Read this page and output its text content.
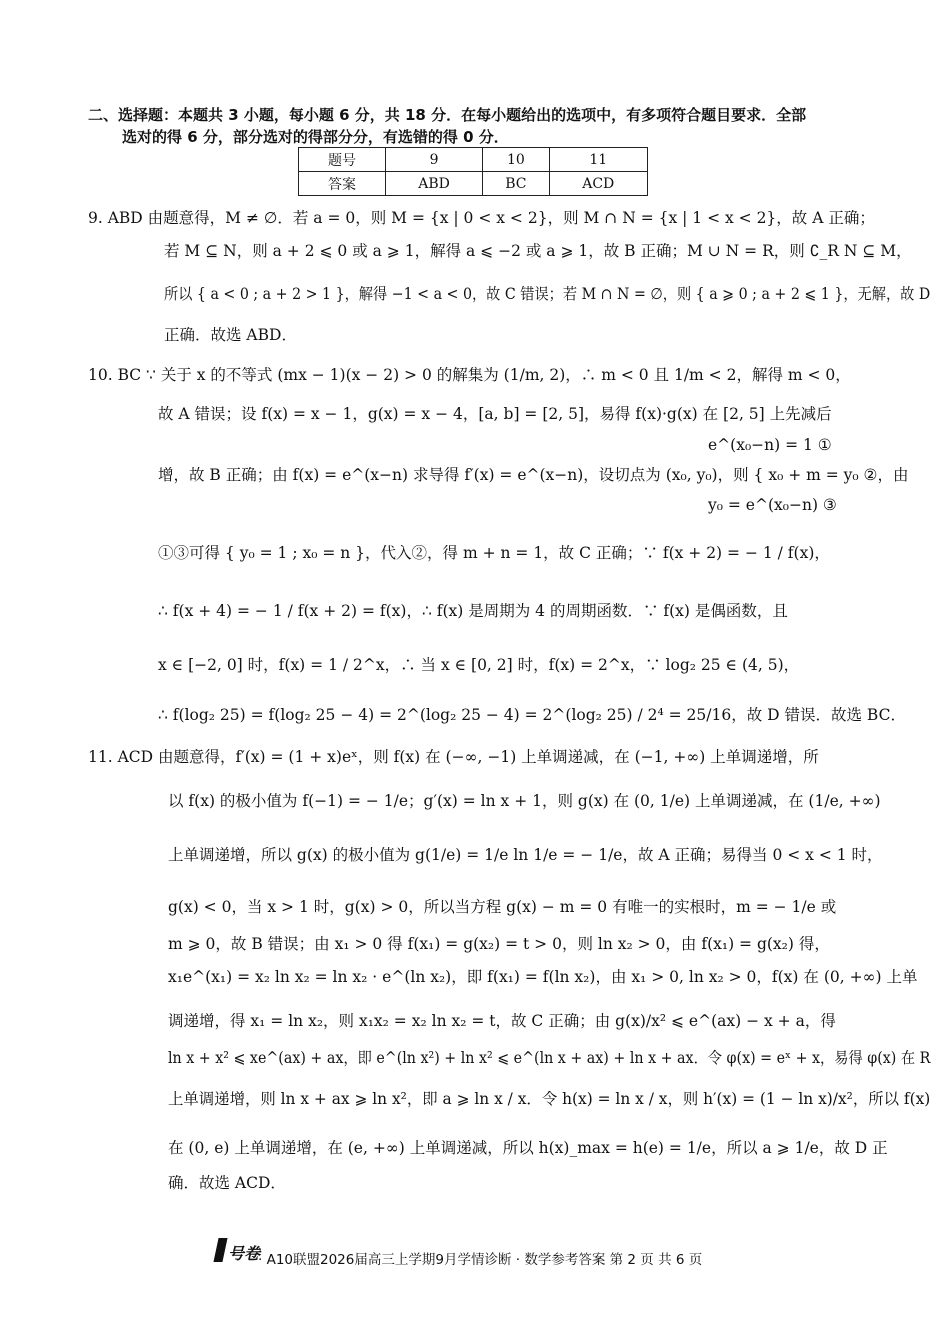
二、选择题：本题共 3 小题，每小题 6 分，共 18 分．在每小题给出的选项中，有多项符合题目要求．全部
选对的得 6 分，部分选对的得部分分，有选错的得 0 分．
题号	9	10	11
答案	ABD	BC	ACD
9. ABD 由题意得，M ≠ ∅．若 a = 0，则 M = {x | 0 < x < 2}，则 M ∩ N = {x | 1 < x < 2}，故 A 正确；
若 M ⊆ N，则 a + 2 ⩽ 0 或 a ⩾ 1，解得 a ⩽ −2 或 a ⩾ 1，故 B 正确；M ∪ N = R，则 ∁_R N ⊆ M，
所以 { a < 0 ; a + 2 > 1 }，解得 −1 < a < 0，故 C 错误；若 M ∩ N = ∅，则 { a ⩾ 0 ; a + 2 ⩽ 1 }，无解，故 D
正确．故选 ABD．
10. BC ∵ 关于 x 的不等式 (mx − 1)(x − 2) > 0 的解集为 (1/m, 2)，∴ m < 0 且 1/m < 2，解得 m < 0，
故 A 错误；设 f(x) = x − 1，g(x) = x − 4，[a, b] = [2, 5]，易得 f(x)·g(x) 在 [2, 5] 上先减后
e^(x₀−n) = 1 ①
增，故 B 正确；由 f(x) = e^(x−n) 求导得 f′(x) = e^(x−n)，设切点为 (x₀, y₀)，则 { x₀ + m = y₀ ②，由
y₀ = e^(x₀−n) ③
①③可得 { y₀ = 1 ; x₀ = n }，代入②，得 m + n = 1，故 C 正确；∵ f(x + 2) = − 1 / f(x)，
∴ f(x + 4) = − 1 / f(x + 2) = f(x)，∴ f(x) 是周期为 4 的周期函数．∵ f(x) 是偶函数，且
x ∈ [−2, 0] 时，f(x) = 1 / 2^x，∴ 当 x ∈ [0, 2] 时，f(x) = 2^x，∵ log₂ 25 ∈ (4, 5)，
∴ f(log₂ 25) = f(log₂ 25 − 4) = 2^(log₂ 25 − 4) = 2^(log₂ 25) / 2⁴ = 25/16，故 D 错误．故选 BC．
11. ACD 由题意得，f′(x) = (1 + x)eˣ，则 f(x) 在 (−∞, −1) 上单调递减，在 (−1, +∞) 上单调递增，所
以 f(x) 的极小值为 f(−1) = − 1/e；g′(x) = ln x + 1，则 g(x) 在 (0, 1/e) 上单调递减，在 (1/e, +∞)
上单调递增，所以 g(x) 的极小值为 g(1/e) = 1/e ln 1/e = − 1/e，故 A 正确；易得当 0 < x < 1 时，
g(x) < 0，当 x > 1 时，g(x) > 0，所以当方程 g(x) − m = 0 有唯一的实根时，m = − 1/e 或
m ⩾ 0，故 B 错误；由 x₁ > 0 得 f(x₁) = g(x₂) = t > 0，则 ln x₂ > 0，由 f(x₁) = g(x₂) 得，
x₁e^(x₁) = x₂ ln x₂ = ln x₂ · e^(ln x₂)，即 f(x₁) = f(ln x₂)，由 x₁ > 0, ln x₂ > 0，f(x) 在 (0, +∞) 上单
调递增，得 x₁ = ln x₂，则 x₁x₂ = x₂ ln x₂ = t，故 C 正确；由 g(x)/x² ⩽ e^(ax) − x + a，得
ln x + x² ⩽ xe^(ax) + ax，即 e^(ln x²) + ln x² ⩽ e^(ln x + ax) + ln x + ax．令 φ(x) = eˣ + x，易得 φ(x) 在 R
上单调递增，则 ln x + ax ⩾ ln x²，即 a ⩾ ln x / x．令 h(x) = ln x / x，则 h′(x) = (1 − ln x)/x²，所以 f(x)
在 (0, e) 上单调递增，在 (e, +∞) 上单调递减，所以 h(x)_max = h(e) = 1/e，所以 a ⩾ 1/e，故 D 正
确．故选 ACD．
号卷
· A10联盟2026届高三上学期9月学情诊断 · 数学参考答案 第 2 页 共 6 页
